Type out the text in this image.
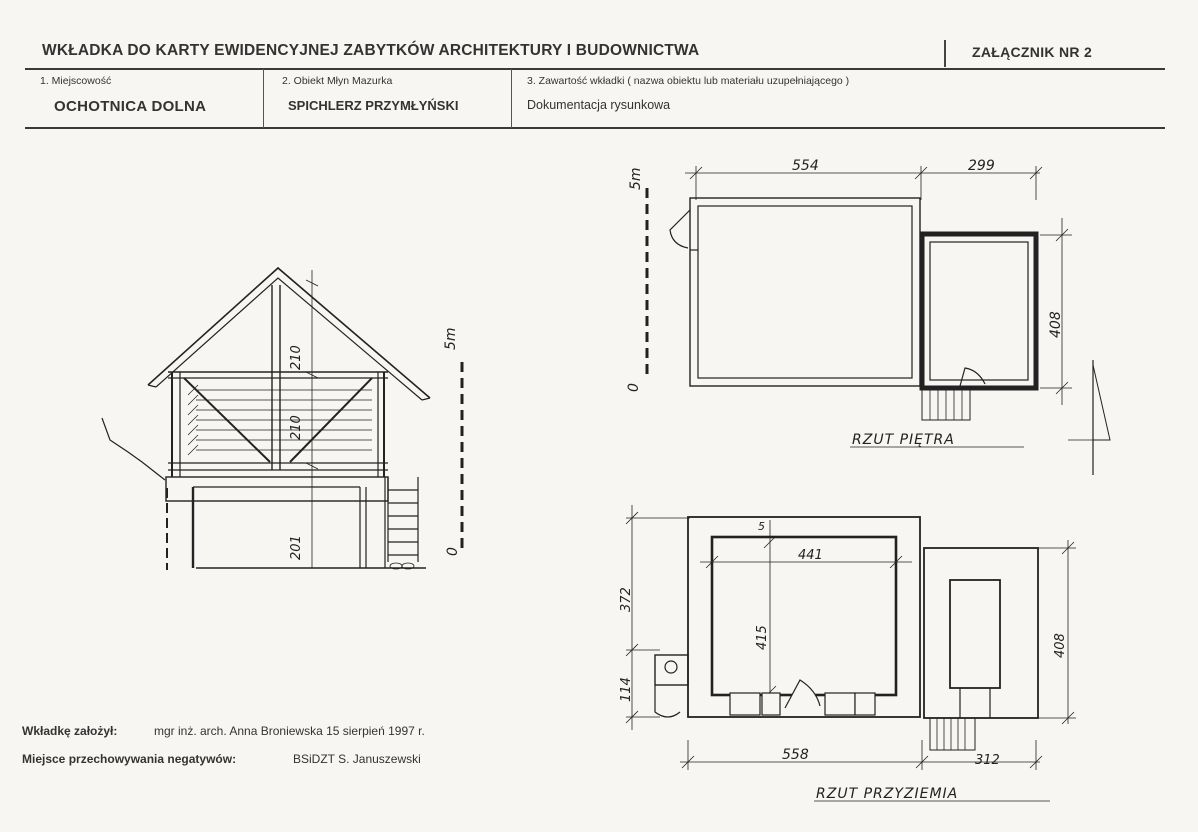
WKŁADKA DO KARTY EWIDENCYJNEJ ZABYTKÓW ARCHITEKTURY I BUDOWNICTWA	ZAŁĄCZNIK NR 2
1. Miejscowość
OCHOTNICA DOLNA
2. Obiekt Młyn Mazurka
SPICHLERZ PRZYMŁYŃSKI
3. Zawartość wkładki ( nazwa obiektu lub materiału uzupełniającego )
Dokumentacja rysunkowa
210
210
201
5m
0
5m
0
554	299
408
RZUT PIĘTRA
441
415
372
114
408
558	312
5
RZUT PRZYZIEMIA
Wkładkę założył:	mgr inż. arch. Anna Broniewska 15 sierpień 1997 r.
Miejsce przechowywania negatywów:	BSiDZT S. Januszewski
